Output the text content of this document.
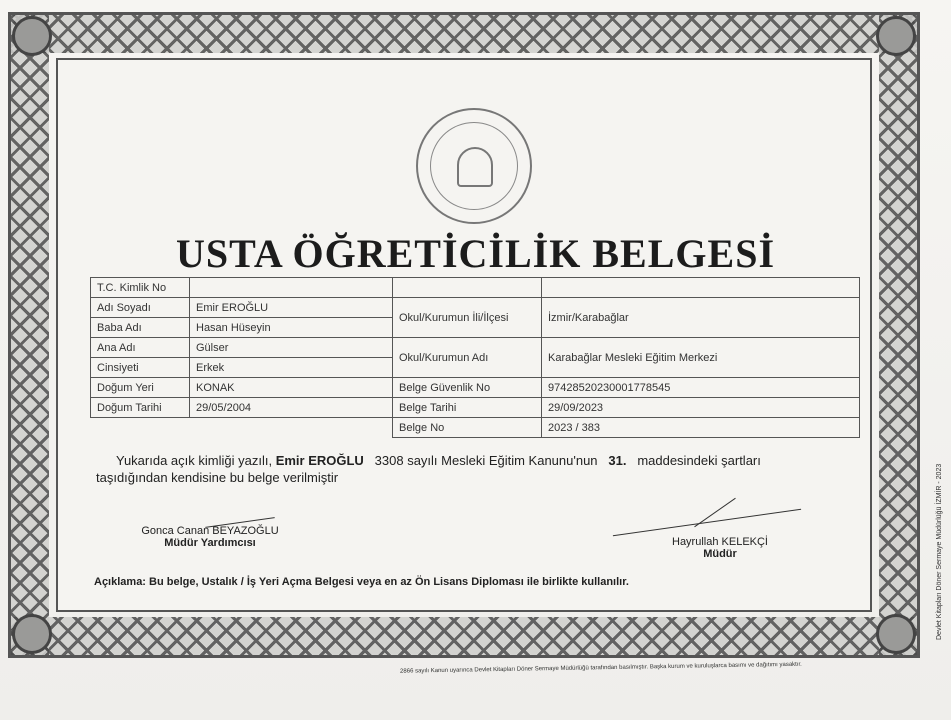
USTA ÖĞRETİCİLİK BELGESİ
T.C. Kimlik No			
Adı Soyadı	Emir EROĞLU	Okul/Kurumun İli/İlçesi	İzmir/Karabağlar
Baba Adı	Hasan Hüseyin		
Ana Adı	Gülser	Okul/Kurumun Adı	Karabağlar Mesleki Eğitim Merkezi
Cinsiyeti	Erkek		
Doğum Yeri	KONAK	Belge Güvenlik No	97428520230001778545
Doğum Tarihi	29/05/2004	Belge Tarihi	29/09/2023
		Belge No	2023 / 383
Yukarıda açık kimliği yazılı, Emir EROĞLU 3308 sayılı Mesleki Eğitim Kanunu'nun 31. maddesindeki şartları
taşıdığından kendisine bu belge verilmiştir
Gonca Canan BEYAZOĞLU
Müdür Yardımcısı	Hayrullah KELEKÇİ
Müdür
Açıklama: Bu belge, Ustalık / İş Yeri Açma Belgesi veya en az Ön Lisans Diploması ile birlikte kullanılır.
2866 sayılı Kanun uyarınca Devlet Kitapları Döner Sermaye Müdürlüğü tarafından basılmıştır. Başka kurum ve kuruluşlarca basımı ve dağıtımı yasaktır.
Devlet Kitapları Döner Sermaye Müdürlüğü İZMİR - 2023
